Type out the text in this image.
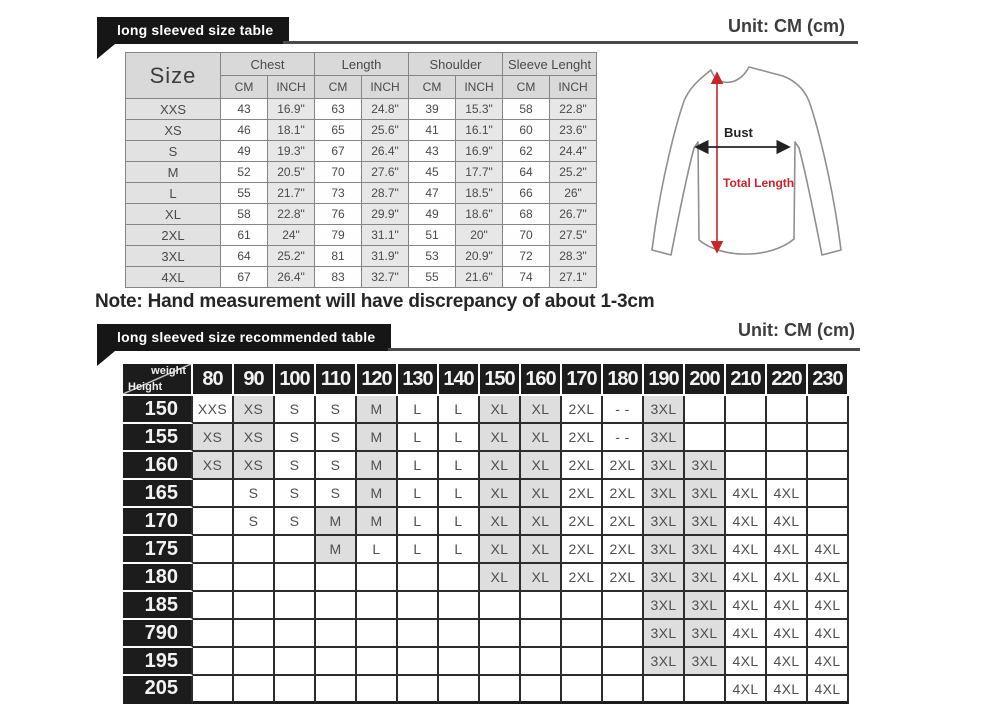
long sleeved size table	Unit: CM (cm)
Size	Chest		Length		Shoulder		Sleeve Lenght	
	CM	INCH	CM	INCH	CM	INCH	CM	INCH
XXS	43	16.9"	63	24.8"	39	15.3"	58	22.8"
XS	46	18.1"	65	25.6"	41	16.1"	60	23.6"
S	49	19.3"	67	26.4"	43	16.9"	62	24.4"
M	52	20.5"	70	27.6"	45	17.7"	64	25.2"
L	55	21.7"	73	28.7"	47	18.5"	66	26"
XL	58	22.8"	76	29.9"	49	18.6"	68	26.7"
2XL	61	24"	79	31.1"	51	20"	70	27.5"
3XL	64	25.2"	81	31.9"	53	20.9"	72	28.3"
4XL	67	26.4"	83	32.7"	55	21.6"	74	27.1"
Note: Hand measurement will have discrepancy of about 1-3cm
Bust
Total Length
long sleeved size recommended table	Unit: CM (cm)
weight
Height	80	90	100	110	120	130	140	150	160	170	180	190	200	210	220	230
150	XXS	XS	S	S	M	L	L	XL	XL	2XL	- -	3XL				
155	XS	XS	S	S	M	L	L	XL	XL	2XL	- -	3XL				
160	XS	XS	S	S	M	L	L	XL	XL	2XL	2XL	3XL	3XL			
165		S	S	S	M	L	L	XL	XL	2XL	2XL	3XL	3XL	4XL	4XL	
170		S	S	M	M	L	L	XL	XL	2XL	2XL	3XL	3XL	4XL	4XL	
175				M	L	L	L	XL	XL	2XL	2XL	3XL	3XL	4XL	4XL	4XL
180								XL	XL	2XL	2XL	3XL	3XL	4XL	4XL	4XL
185												3XL	3XL	4XL	4XL	4XL
790												3XL	3XL	4XL	4XL	4XL
195												3XL	3XL	4XL	4XL	4XL
205														4XL	4XL	4XL
